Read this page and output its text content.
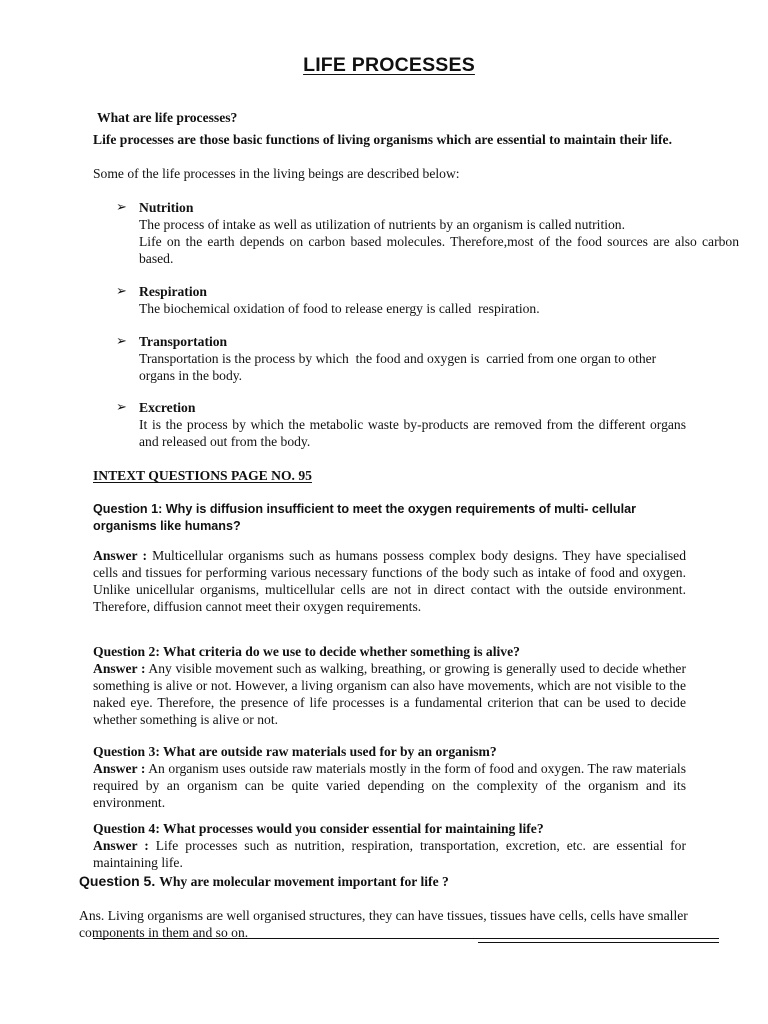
LIFE PROCESSES
What are life processes?
Life processes are those basic functions of living organisms which are essential to maintain their life.
Some of the life processes in the living beings are described below:
➢ Nutrition
The process of intake as well as utilization of nutrients by an organism is called nutrition.
Life on the earth depends on carbon based molecules. Therefore,most of the food sources are also carbon based.
➢ Respiration
The biochemical oxidation of food to release energy is called  respiration.
➢ Transportation
Transportation is the process by which  the food and oxygen is  carried from one organ to other organs in the body.
➢ Excretion
It is the process by which the metabolic waste by-products are removed from the different organs and released out from the body.
INTEXT QUESTIONS PAGE NO. 95
Question 1: Why is diffusion insufficient to meet the oxygen requirements of multi- cellular organisms like humans?
Answer : Multicellular organisms such as humans possess complex body designs. They have specialised cells and tissues for performing various necessary functions of the body such as intake of food and oxygen. Unlike unicellular organisms, multicellular cells are not in direct contact with the outside environment. Therefore, diffusion cannot meet their oxygen requirements.
Question 2: What criteria do we use to decide whether something is alive?
Answer : Any visible movement such as walking, breathing, or growing is generally used to decide whether something is alive or not. However, a living organism can also have movements, which are not visible to the naked eye. Therefore, the presence of life processes is a fundamental criterion that can be used to decide whether something is alive or not.
Question 3: What are outside raw materials used for by an organism?
Answer : An organism uses outside raw materials mostly in the form of food and oxygen. The raw materials required by an organism can be quite varied depending on the complexity of the organism and its environment.
Question 4: What processes would you consider essential for maintaining life?
Answer : Life processes such as nutrition, respiration, transportation, excretion, etc. are essential for maintaining life.
Question 5. Why are molecular movement important for life ?
Ans. Living organisms are well organised structures, they can have tissues, tissues have cells, cells have smaller components in them and so on.
